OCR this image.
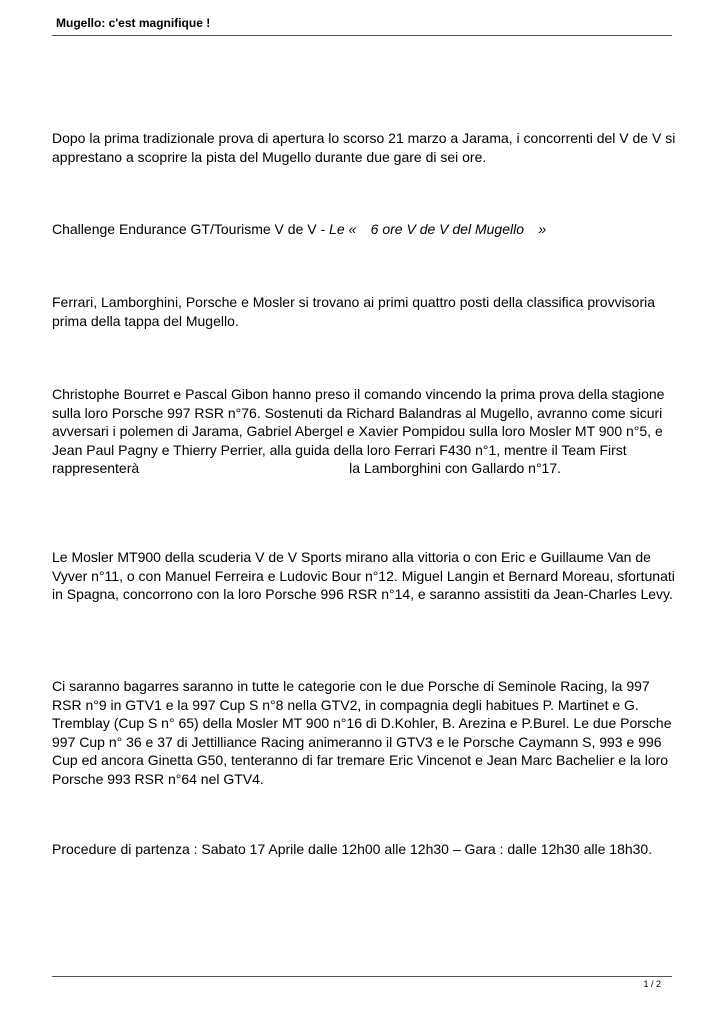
Mugello: c'est magnifique !

Dopo la prima tradizionale prova di apertura lo scorso 21 marzo a Jarama, i concorrenti del V de V si apprestano a scoprire la pista del Mugello durante due gare di sei ore.

Challenge Endurance GT/Tourisme V de V - Le «  6 ore V de V del Mugello  »

Ferrari, Lamborghini, Porsche e Mosler si trovano ai primi quattro posti della classifica provvisoria prima della tappa del Mugello.

Christophe Bourret e Pascal Gibon hanno preso il comando vincendo la prima prova della stagione sulla loro Porsche 997 RSR n°76. Sostenuti da Richard Balandras al Mugello, avranno come sicuri avversari i polemen di Jarama, Gabriel Abergel e Xavier Pompidou sulla loro Mosler MT 900 n°5, e Jean Paul Pagny e Thierry Perrier, alla guida della loro Ferrari F430 n°1, mentre il Team First rappresenterà	la Lamborghini con Gallardo n°17.

Le Mosler MT900 della scuderia V de V Sports mirano alla vittoria o con Eric e Guillaume Van de Vyver n°11, o con Manuel Ferreira e Ludovic Bour n°12. Miguel Langin et Bernard Moreau, sfortunati in Spagna, concorrono con la loro Porsche 996 RSR n°14, e saranno assistiti da Jean-Charles Levy.

Ci saranno bagarres saranno in tutte le categorie con le due Porsche di Seminole Racing, la 997 RSR n°9 in GTV1 e la 997 Cup S n°8 nella GTV2, in compagnia degli habitues P. Martinet e G. Tremblay (Cup S n° 65) della Mosler MT 900 n°16 di D.Kohler, B. Arezina e P.Burel. Le due Porsche 997 Cup n° 36 e 37 di Jettilliance Racing animeranno il GTV3 e le Porsche Caymann S, 993 e 996 Cup ed ancora Ginetta G50, tenteranno di far tremare Eric Vincenot e Jean Marc Bachelier e la loro Porsche 993 RSR n°64 nel GTV4.

Procedure di partenza : Sabato 17 Aprile dalle 12h00 alle 12h30 – Gara : dalle 12h30 alle 18h30.

1 / 2
